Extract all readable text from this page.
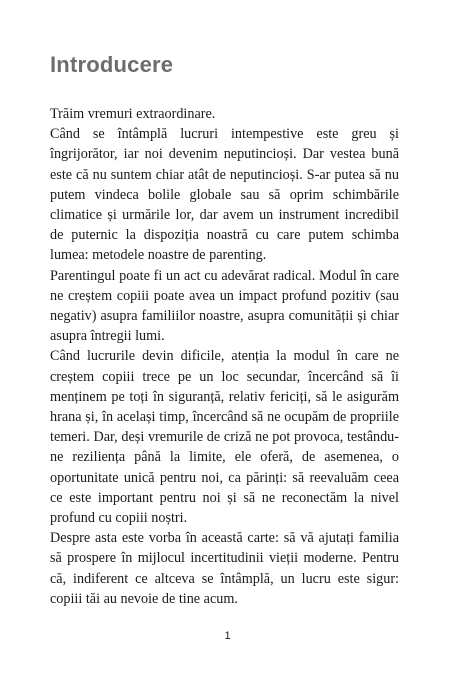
Introducere

Trăim vremuri extraordinare.

Când se întâmplă lucruri intempestive este greu și îngrijorător, iar noi devenim neputincioși. Dar vestea bună este că nu suntem chiar atât de neputincioși. S-ar putea să nu putem vindeca bolile globale sau să oprim schimbările climatice și urmările lor, dar avem un instrument incredibil de puternic la dispoziția noastră cu care putem schimba lumea: metodele noastre de parenting.

Parentingul poate fi un act cu adevărat radical. Modul în care ne creștem copiii poate avea un impact profund pozitiv (sau negativ) asupra familiilor noastre, asupra comunității și chiar asupra întregii lumi.

Când lucrurile devin dificile, atenția la modul în care ne creștem copiii trece pe un loc secundar, încercând să îi menținem pe toți în siguranță, relativ fericiți, să le asigurăm hrana și, în același timp, încercând să ne ocupăm de propriile temeri. Dar, deși vremurile de criză ne pot provoca, testându-ne reziliența până la limite, ele oferă, de asemenea, o oportunitate unică pentru noi, ca părinți: să reevaluăm ceea ce este important pentru noi și să ne reconectăm la nivel profund cu copiii noștri.

Despre asta este vorba în această carte: să vă ajutați familia să prospere în mijlocul incertitudinii vieții moderne. Pentru că, indiferent ce altceva se întâmplă, un lucru este sigur: copiii tăi au nevoie de tine acum.

1
